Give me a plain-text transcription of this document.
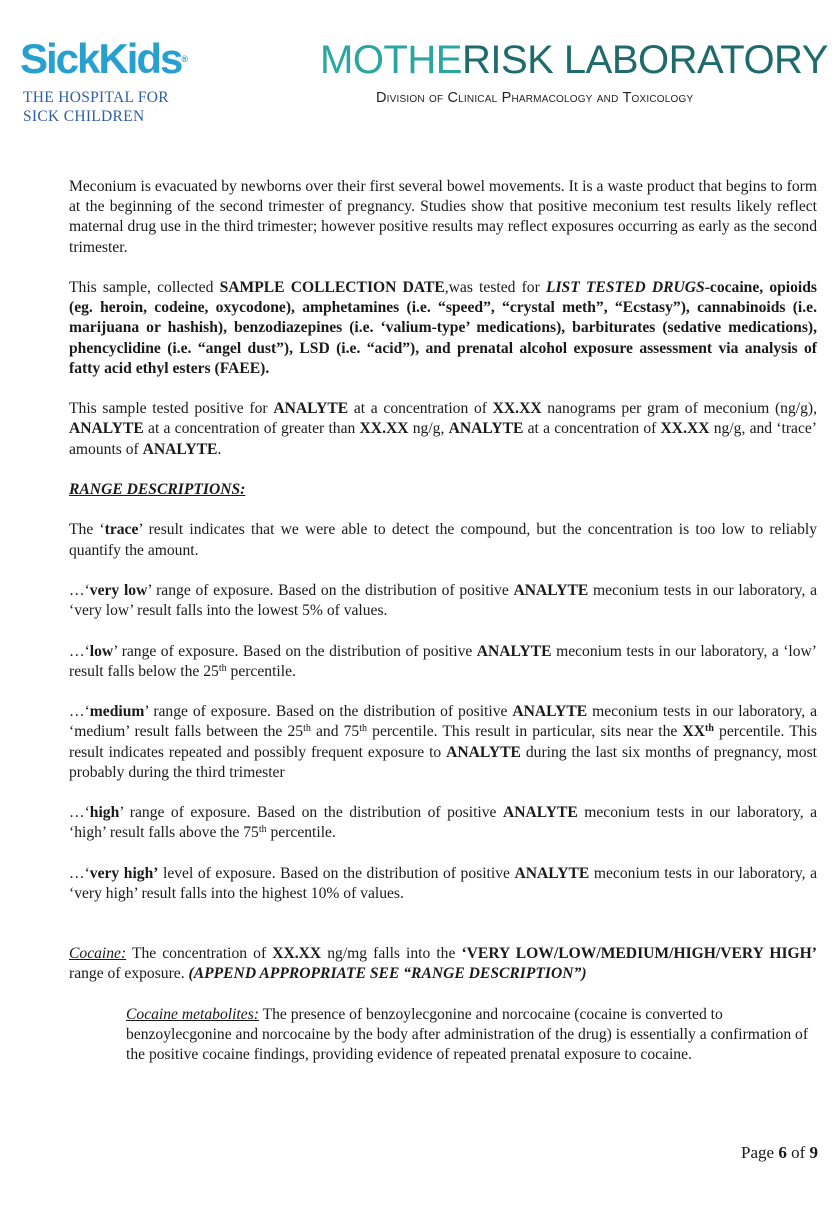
SickKids®
THE HOSPITAL FOR
SICK CHILDREN
MOTHERISK LABORATORY
Division of Clinical Pharmacology and Toxicology

Meconium is evacuated by newborns over their first several bowel movements. It is a waste product that begins to form at the beginning of the second trimester of pregnancy. Studies show that positive meconium test results likely reflect maternal drug use in the third trimester; however positive results may reflect exposures occurring as early as the second trimester.

This sample, collected SAMPLE COLLECTION DATE,was tested for LIST TESTED DRUGS-cocaine, opioids (eg. heroin, codeine, oxycodone), amphetamines (i.e. “speed”, “crystal meth”, “Ecstasy”), cannabinoids (i.e. marijuana or hashish), benzodiazepines (i.e. ‘valium-type’ medications), barbiturates (sedative medications), phencyclidine (i.e. “angel dust”), LSD (i.e. “acid”), and prenatal alcohol exposure assessment via analysis of fatty acid ethyl esters (FAEE).

This sample tested positive for ANALYTE at a concentration of XX.XX nanograms per gram of meconium (ng/g), ANALYTE at a concentration of greater than XX.XX ng/g, ANALYTE at a concentration of XX.XX ng/g, and ‘trace’ amounts of ANALYTE.

RANGE DESCRIPTIONS:

The ‘trace’ result indicates that we were able to detect the compound, but the concentration is too low to reliably quantify the amount.

…‘very low’ range of exposure. Based on the distribution of positive ANALYTE meconium tests in our laboratory, a ‘very low’ result falls into the lowest 5% of values.

…‘low’ range of exposure. Based on the distribution of positive ANALYTE meconium tests in our laboratory, a ‘low’ result falls below the 25th percentile.

…‘medium’ range of exposure. Based on the distribution of positive ANALYTE meconium tests in our laboratory, a ‘medium’ result falls between the 25th and 75th percentile. This result in particular, sits near the XXth percentile. This result indicates repeated and possibly frequent exposure to ANALYTE during the last six months of pregnancy, most probably during the third trimester

…‘high’ range of exposure. Based on the distribution of positive ANALYTE meconium tests in our laboratory, a ‘high’ result falls above the 75th percentile.

…‘very high’ level of exposure. Based on the distribution of positive ANALYTE meconium tests in our laboratory, a ‘very high’ result falls into the highest 10% of values.

Cocaine: The concentration of XX.XX ng/mg falls into the ‘VERY LOW/LOW/MEDIUM/HIGH/VERY HIGH’ range of exposure. (APPEND APPROPRIATE SEE “RANGE DESCRIPTION”)

Cocaine metabolites: The presence of benzoylecgonine and norcocaine (cocaine is converted to benzoylecgonine and norcocaine by the body after administration of the drug) is essentially a confirmation of the positive cocaine findings, providing evidence of repeated prenatal exposure to cocaine.

Page 6 of 9
